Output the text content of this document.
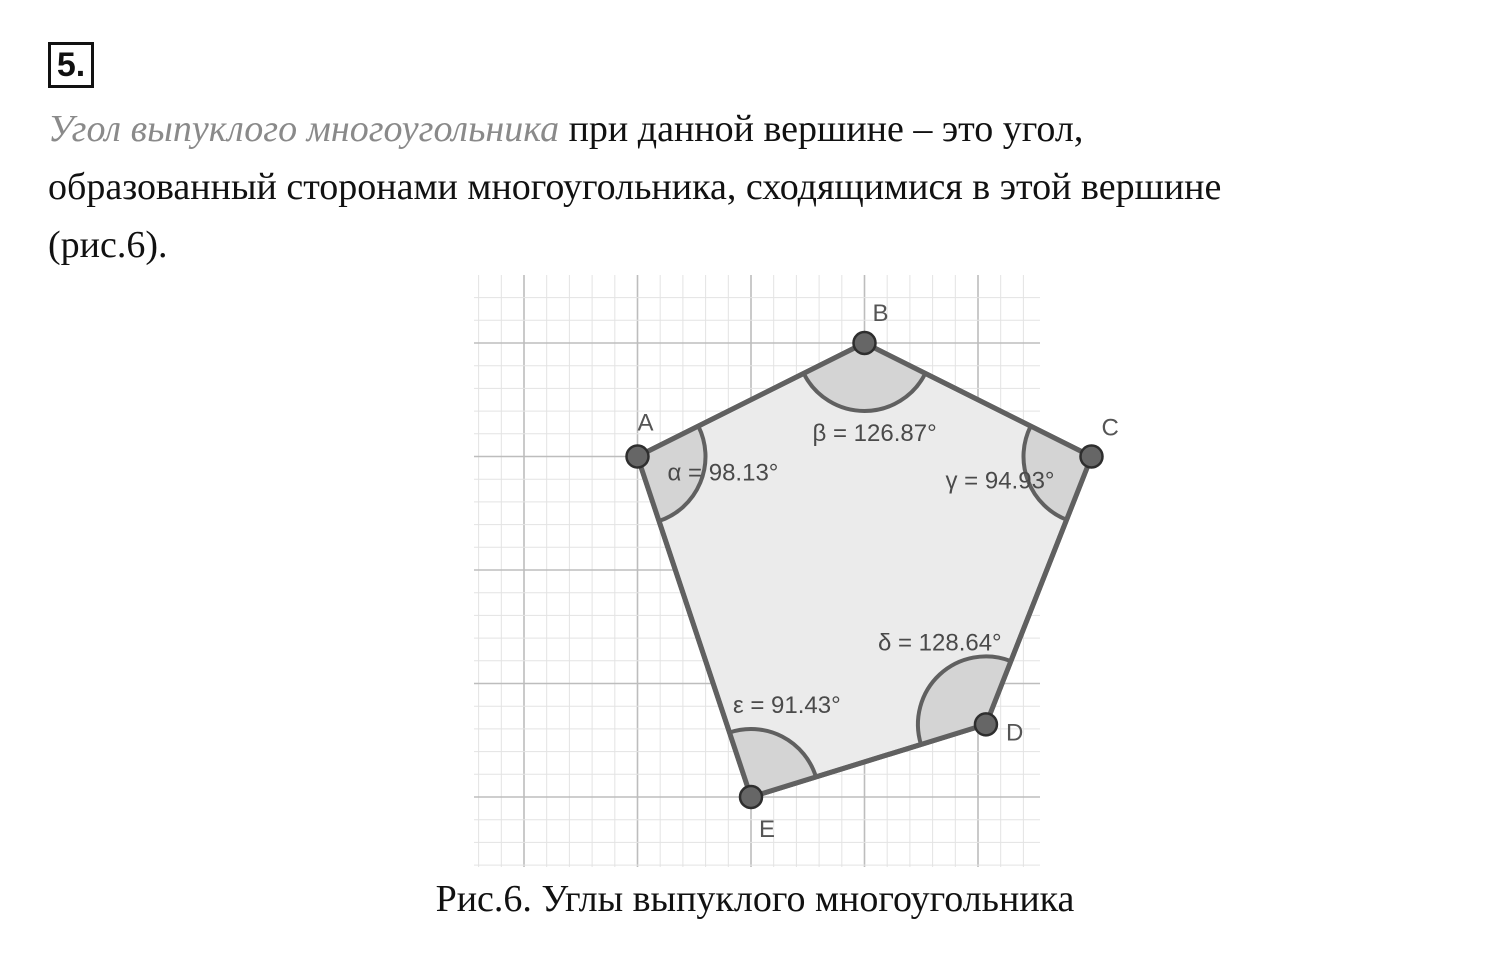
5.
Угол выпуклого многоугольника при данной вершине – это угол,
образованный сторонами многоугольника, сходящимися в этой вершине
(рис.6).
α = 98.13°
β = 126.87°
γ = 94.93°
δ = 128.64°
ε = 91.43°
A
B
C
D
E
Рис.6. Углы выпуклого многоугольника
